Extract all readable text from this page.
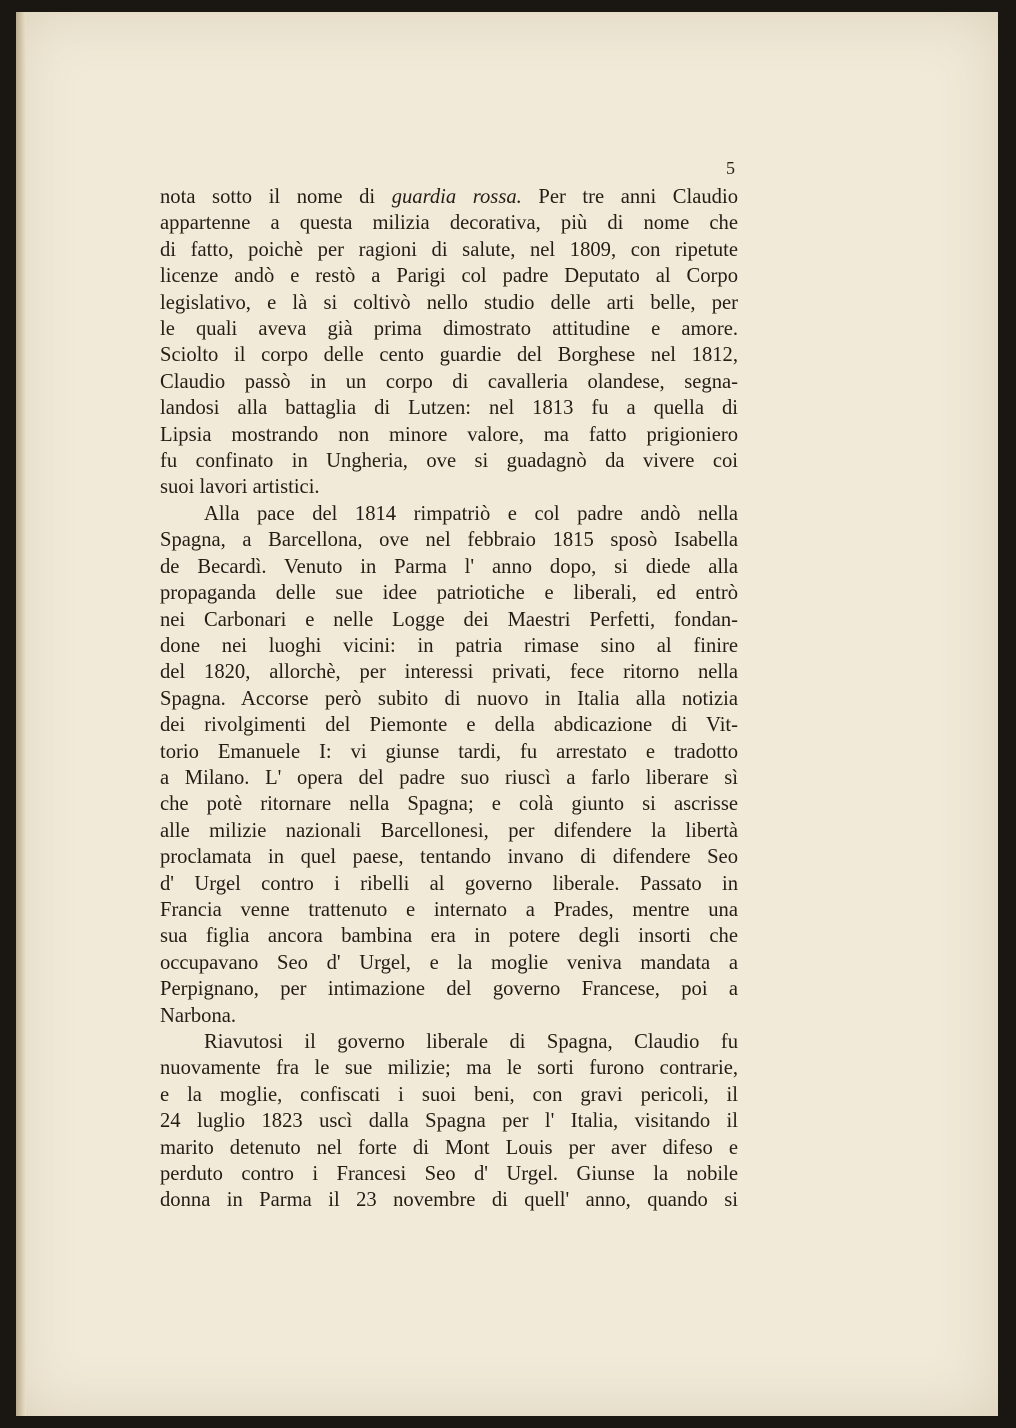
5

nota sotto il nome di guardia rossa. Per tre anni Claudio
appartenne a questa milizia decorativa, più di nome che
di fatto, poichè per ragioni di salute, nel 1809, con ripetute
licenze andò e restò a Parigi col padre Deputato al Corpo
legislativo, e là si coltivò nello studio delle arti belle, per
le quali aveva già prima dimostrato attitudine e amore.
Sciolto il corpo delle cento guardie del Borghese nel 1812,
Claudio passò in un corpo di cavalleria olandese, segna-
landosi alla battaglia di Lutzen: nel 1813 fu a quella di
Lipsia mostrando non minore valore, ma fatto prigioniero
fu confinato in Ungheria, ove si guadagnò da vivere coi
suoi lavori artistici.
Alla pace del 1814 rimpatriò e col padre andò nella
Spagna, a Barcellona, ove nel febbraio 1815 sposò Isabella
de Becardì. Venuto in Parma l' anno dopo, si diede alla
propaganda delle sue idee patriotiche e liberali, ed entrò
nei Carbonari e nelle Logge dei Maestri Perfetti, fondan-
done nei luoghi vicini: in patria rimase sino al finire
del 1820, allorchè, per interessi privati, fece ritorno nella
Spagna. Accorse però subito di nuovo in Italia alla notizia
dei rivolgimenti del Piemonte e della abdicazione di Vit-
torio Emanuele I: vi giunse tardi, fu arrestato e tradotto
a Milano. L' opera del padre suo riuscì a farlo liberare sì
che potè ritornare nella Spagna; e colà giunto si ascrisse
alle milizie nazionali Barcellonesi, per difendere la libertà
proclamata in quel paese, tentando invano di difendere Seo
d' Urgel contro i ribelli al governo liberale. Passato in
Francia venne trattenuto e internato a Prades, mentre una
sua figlia ancora bambina era in potere degli insorti che
occupavano Seo d' Urgel, e la moglie veniva mandata a
Perpignano, per intimazione del governo Francese, poi a
Narbona.
Riavutosi il governo liberale di Spagna, Claudio fu
nuovamente fra le sue milizie; ma le sorti furono contrarie,
e la moglie, confiscati i suoi beni, con gravi pericoli, il
24 luglio 1823 uscì dalla Spagna per l' Italia, visitando il
marito detenuto nel forte di Mont Louis per aver difeso e
perduto contro i Francesi Seo d' Urgel. Giunse la nobile
donna in Parma il 23 novembre di quell' anno, quando si
